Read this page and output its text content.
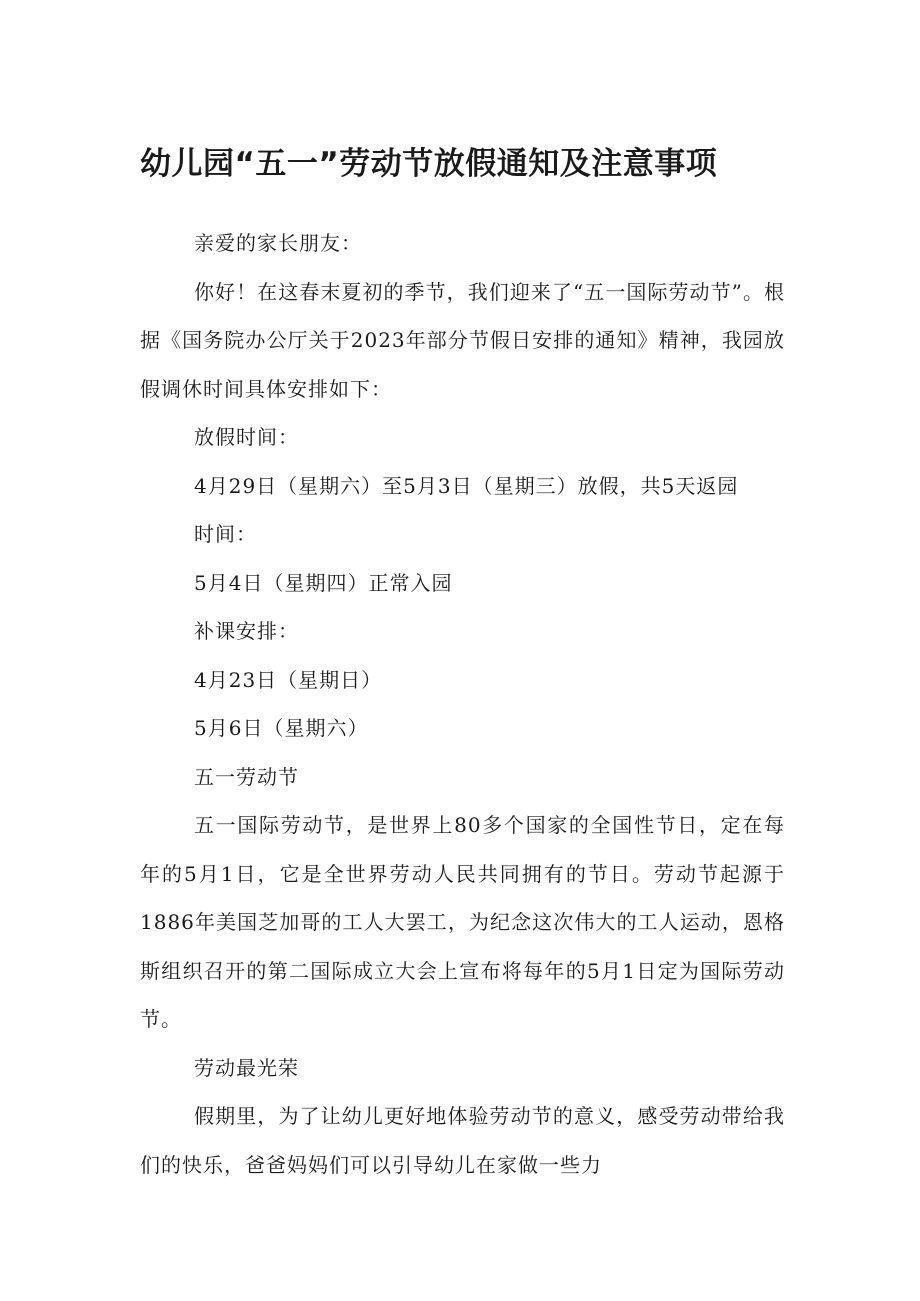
幼儿园“五一”劳动节放假通知及注意事项

亲爱的家长朋友：

你好！在这春末夏初的季节，我们迎来了“五一国际劳动节”。根据《国务院办公厅关于2023年部分节假日安排的通知》精神，我园放假调休时间具体安排如下：

放假时间：

4月29日（星期六）至5月3日（星期三）放假，共5天返园

时间：

5月4日（星期四）正常入园

补课安排：

4月23日（星期日）

5月6日（星期六）

五一劳动节

五一国际劳动节，是世界上80多个国家的全国性节日，定在每年的5月1日，它是全世界劳动人民共同拥有的节日。劳动节起源于1886年美国芝加哥的工人大罢工，为纪念这次伟大的工人运动，恩格斯组织召开的第二国际成立大会上宣布将每年的5月1日定为国际劳动节。

劳动最光荣

假期里，为了让幼儿更好地体验劳动节的意义，感受劳动带给我们的快乐，爸爸妈妈们可以引导幼儿在家做一些力
